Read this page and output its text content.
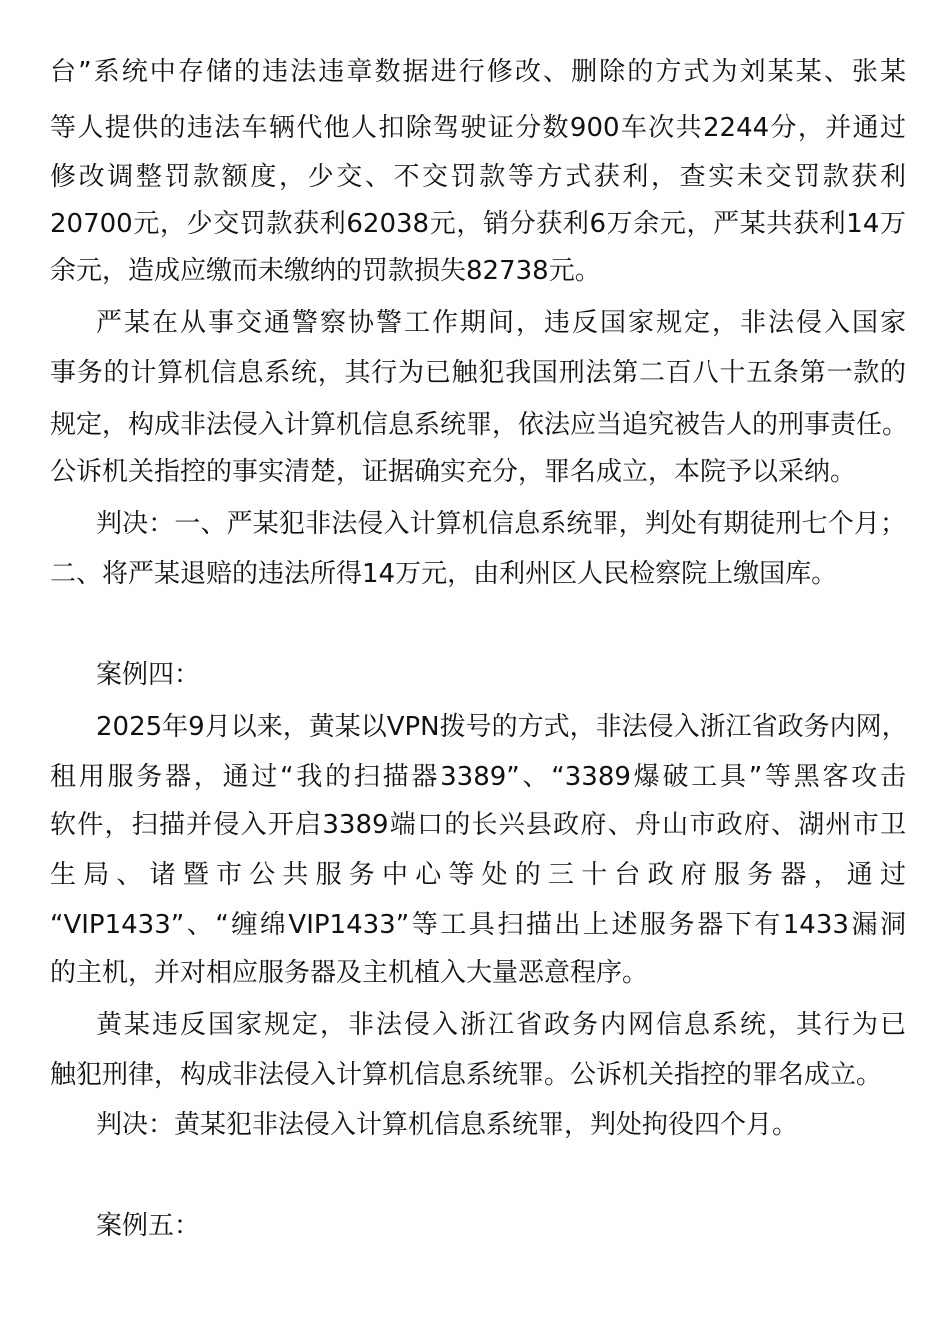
台”系统中存储的违法违章数据进行修改、删除的方式为刘某某、张某
等人提供的违法车辆代他人扣除驾驶证分数900车次共2244分，并通过
修改调整罚款额度，少交、不交罚款等方式获利，查实未交罚款获利
20700元，少交罚款获利62038元，销分获利6万余元，严某共获利14万
余元，造成应缴而未缴纳的罚款损失82738元。
严某在从事交通警察协警工作期间，违反国家规定，非法侵入国家
事务的计算机信息系统，其行为已触犯我国刑法第二百八十五条第一款的
规定，构成非法侵入计算机信息系统罪，依法应当追究被告人的刑事责任。
公诉机关指控的事实清楚，证据确实充分，罪名成立，本院予以采纳。
判决：一、严某犯非法侵入计算机信息系统罪，判处有期徒刑七个月；
二、将严某退赔的违法所得14万元，由利州区人民检察院上缴国库。
案例四：
2025年9月以来，黄某以VPN拨号的方式，非法侵入浙江省政务内网，
租用服务器，通过“我的扫描器3389”、“3389爆破工具”等黑客攻击
软件，扫描并侵入开启3389端口的长兴县政府、舟山市政府、湖州市卫
生局、诸暨市公共服务中心等处的三十台政府服务器，通过
“VIP1433”、“缠绵VIP1433”等工具扫描出上述服务器下有1433漏洞
的主机，并对相应服务器及主机植入大量恶意程序。
黄某违反国家规定，非法侵入浙江省政务内网信息系统，其行为已
触犯刑律，构成非法侵入计算机信息系统罪。公诉机关指控的罪名成立。
判决：黄某犯非法侵入计算机信息系统罪，判处拘役四个月。
案例五：
